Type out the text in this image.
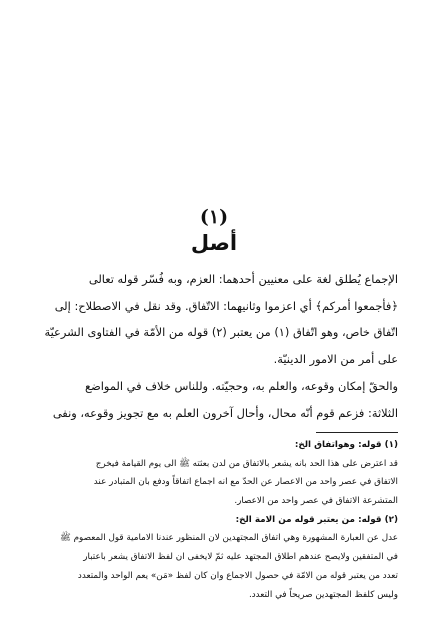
(١)
أصل
الإجماع يُطلق لغة على معنيين أحدهما: العزم، وبه فُسّر قوله تعالى
﴿فأجمعوا أمركم﴾ أي اعزموا وثانيهما: الاتّفاق. وقد نقل في الاصطلاح: إلى
اتّفاق خاص، وهو اتّفاق (١) من يعتبر (٢) قوله من الأمّة في الفتاوى الشرعيّة
على أمر من الامور الدينيّة.
والحقّ إمكان وقوعه، والعلم به، وحجيّته. وللناس خلاف في المواضع
الثلاثة: فزعم قوم أنّه محال، وأحال آخرون العلم به مع تجويز وقوعه، ونفى
(١) قوله: وهواتفاق الخ:
قد اعترض على هذا الحد بانه يشعر بالاتفاق من لدن بعثته ﷺ الى يوم القيامة فيخرج
الاتفاق في عصر واحد من الاعصار عن الحدّ مع انه اجماع اتفاقاً ودفع بان المتبادر عند
المتشرعة الاتفاق في عصر واحد من الاعصار.
(٢) قوله: من يعتبر قوله من الامة الخ:
عدل عن العبارة المشهورة وهي اتفاق المجتهدين لان المنظور عندنا الامامية قول المعصوم ﷺ
في المتفقين ولايصح عندهم اطلاق المجتهد عليه ثمّ لايخفى ان لفظ الاتفاق يشعر باعتبار
تعدد من يعتبر قوله من الامّة في حصول الاجماع وان كان لفظ «مَن» يعم الواحد والمتعدد
وليس كلفظ المجتهدين صريحاً في التعدد.
